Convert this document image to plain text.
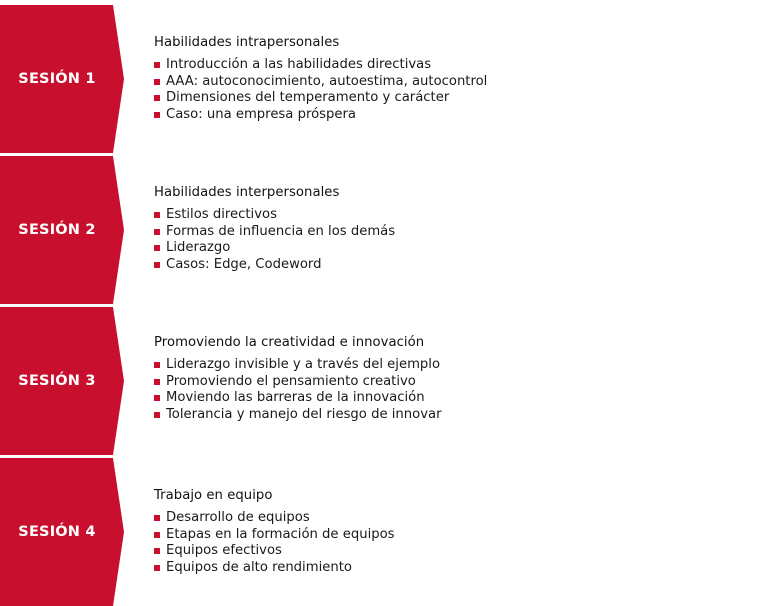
SESIÓN 1
Habilidades intrapersonales
Introducción a las habilidades directivas
AAA: autoconocimiento, autoestima, autocontrol
Dimensiones del temperamento y carácter
Caso: una empresa próspera
SESIÓN 2
Habilidades interpersonales
Estilos directivos
Formas de influencia en los demás
Liderazgo
Casos: Edge, Codeword
SESIÓN 3
Promoviendo la creatividad e innovación
Liderazgo invisible y a través del ejemplo
Promoviendo el pensamiento creativo
Moviendo las barreras de la innovación
Tolerancia y manejo del riesgo de innovar
SESIÓN 4
Trabajo en equipo
Desarrollo de equipos
Etapas en la formación de equipos
Equipos efectivos
Equipos de alto rendimiento
